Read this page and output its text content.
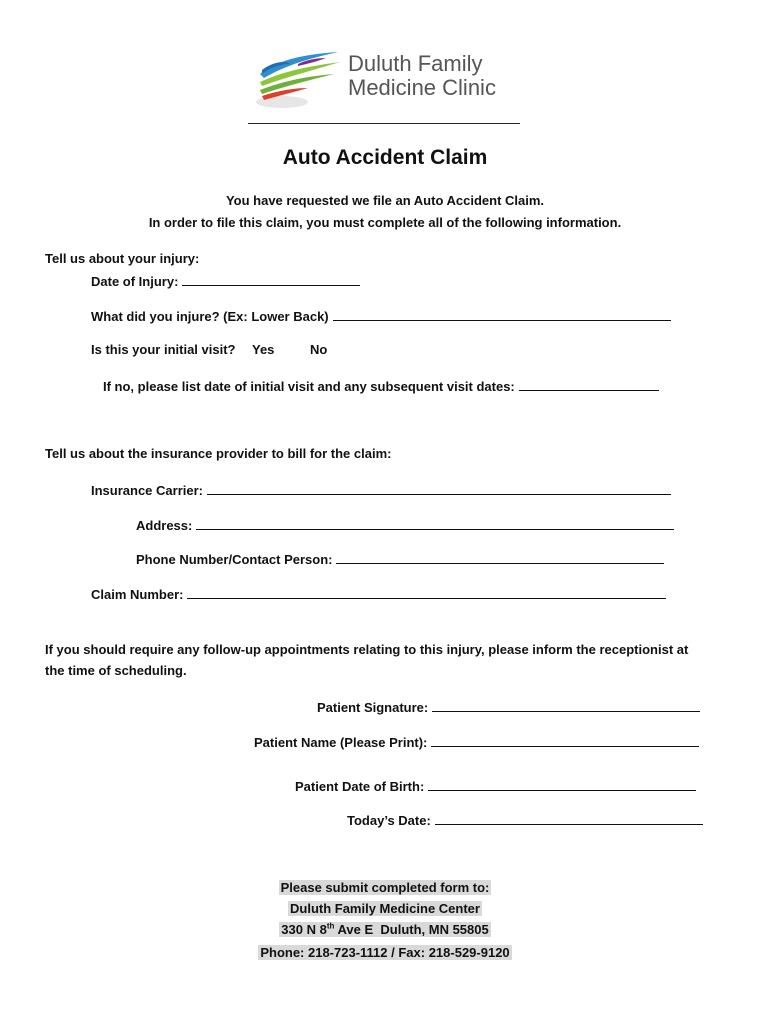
Duluth Family
Medicine Clinic
Auto Accident Claim
You have requested we file an Auto Accident Claim.
In order to file this claim, you must complete all of the following information.
Tell us about your injury:
Date of Injury:
What did you injure? (Ex: Lower Back)
Is this your initial visit? Yes	No
If no, please list date of initial visit and any subsequent visit dates:
Tell us about the insurance provider to bill for the claim:
Insurance Carrier:
Address:
Phone Number/Contact Person:
Claim Number:
If you should require any follow-up appointments relating to this injury, please inform the receptionist at
the time of scheduling.
Patient Signature:
Patient Name (Please Print):
Patient Date of Birth:
Today’s Date:
Please submit completed form to:
Duluth Family Medicine Center
330 N 8th Ave E  Duluth, MN 55805
Phone: 218-723-1112 / Fax: 218-529-9120
